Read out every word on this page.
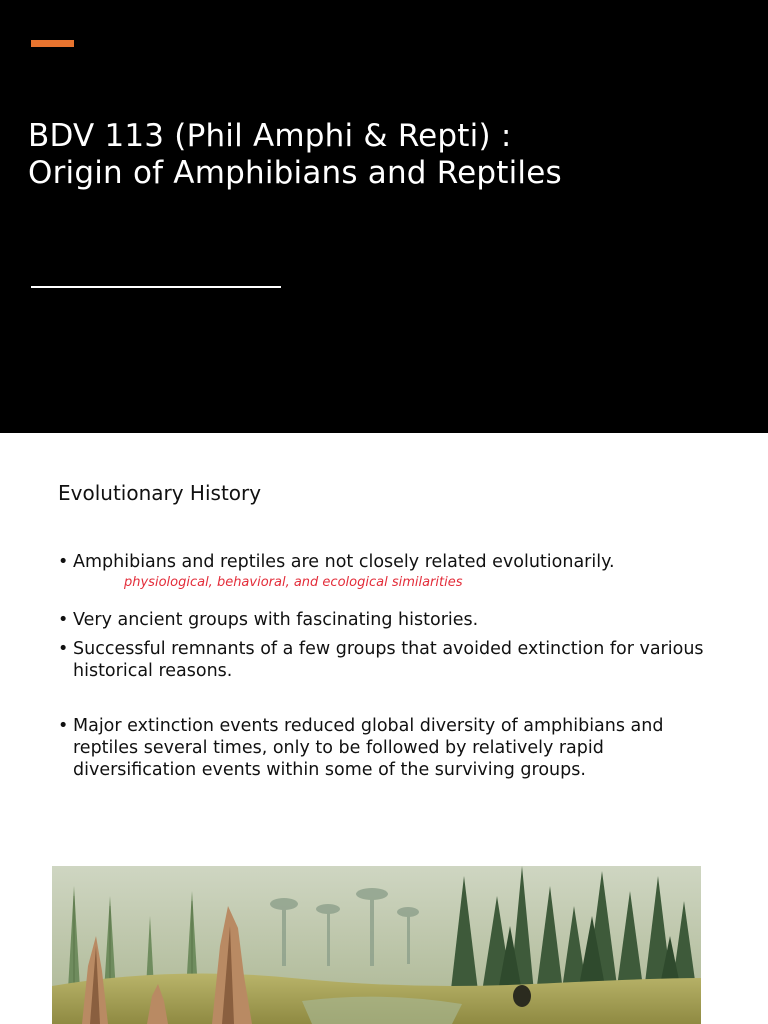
BDV 113 (Phil Amphi & Repti) : Origin of Amphibians and Reptiles
Evolutionary History
• Amphibians and reptiles are not closely related evolutionarily.
physiological, behavioral, and ecological similarities
• Very ancient groups with fascinating histories.
• Successful remnants of a few groups that avoided extinction for various historical reasons.
• Major extinction events reduced global diversity of amphibians and reptiles several times, only to be followed by relatively rapid diversification events within some of the surviving groups.
